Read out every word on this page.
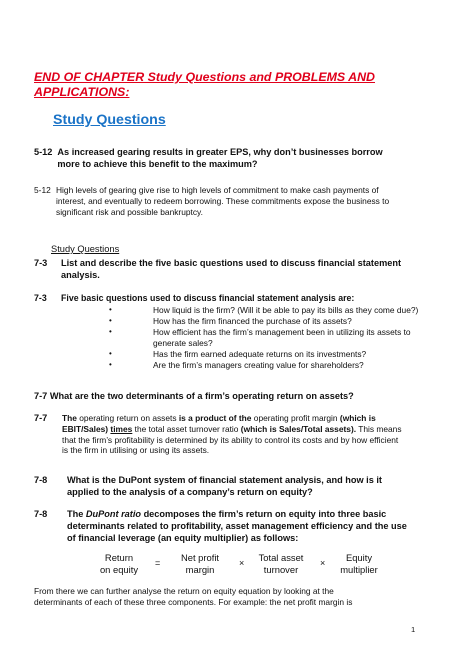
END OF CHAPTER Study Questions and PROBLEMS AND
APPLICATIONS:
Study Questions
5-12 As increased gearing results in greater EPS, why don’t businesses borrow
more to achieve this benefit to the maximum?
5-12 High levels of gearing give rise to high levels of commitment to make cash payments of
interest, and eventually to redeem borrowing. These commitments expose the business to
significant risk and possible bankruptcy.
Study Questions
7-3	List and describe the five basic questions used to discuss financial statement
analysis.
7-3	Five basic questions used to discuss financial statement analysis are:
•	How liquid is the firm? (Will it be able to pay its bills as they come due?)
•	How has the firm financed the purchase of its assets?
•	How efficient has the firm’s management been in utilizing its assets to
generate sales?
•	Has the firm earned adequate returns on its investments?
•	Are the firm’s managers creating value for shareholders?
7-7 What are the two determinants of a firm’s operating return on assets?
7-7	The operating return on assets is a product of the operating profit margin (which is
EBIT/Sales) times the total asset turnover ratio (which is Sales/Total assets). This means
that the firm’s profitability is determined by its ability to control its costs and by how efficient
is the firm in utilising or using its assets.
7-8	What is the DuPont system of financial statement analysis, and how is it
applied to the analysis of a company’s return on equity?
7-8	The DuPont ratio decomposes the firm’s return on equity into three basic
determinants related to profitability, asset management efficiency and the use
of financial leverage (an equity multiplier) as follows:
Return
on equity
=	Net profit
margin
×	Total asset
turnover
×	Equity
multiplier
From there we can further analyse the return on equity equation by looking at the
determinants of each of these three components. For example: the net profit margin is
1
